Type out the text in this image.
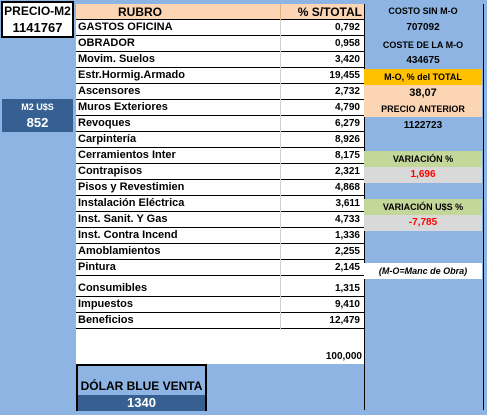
PRECIO-M2
1141767
M2 U$S
852
RUBRO	% S/TOTAL
GASTOS OFICINA	0,792
OBRADOR	0,958
Movim. Suelos	3,420
Estr.Hormig.Armado	19,455
Ascensores	2,732
Muros Exteriores	4,790
Revoques	6,279
Carpintería	8,926
Cerramientos Inter	8,175
Contrapisos	2,321
Pisos y Revestimien	4,868
Instalación Eléctrica	3,611
Inst. Sanit. Y Gas	4,733
Inst. Contra Incend	1,336
Amoblamientos	2,255
Pintura	2,145
Consumibles	1,315
Impuestos	9,410
Beneficios	12,479
100,000
DÓLAR BLUE VENTA
1340
COSTO SIN M-O
707092
COSTE DE LA M-O
434675
M-O, % del TOTAL
38,07
PRECIO ANTERIOR
1122723
VARIACIÓN %
1,696
VARIACIÓN U$S %
-7,785
(M-O=Manc de Obra)
